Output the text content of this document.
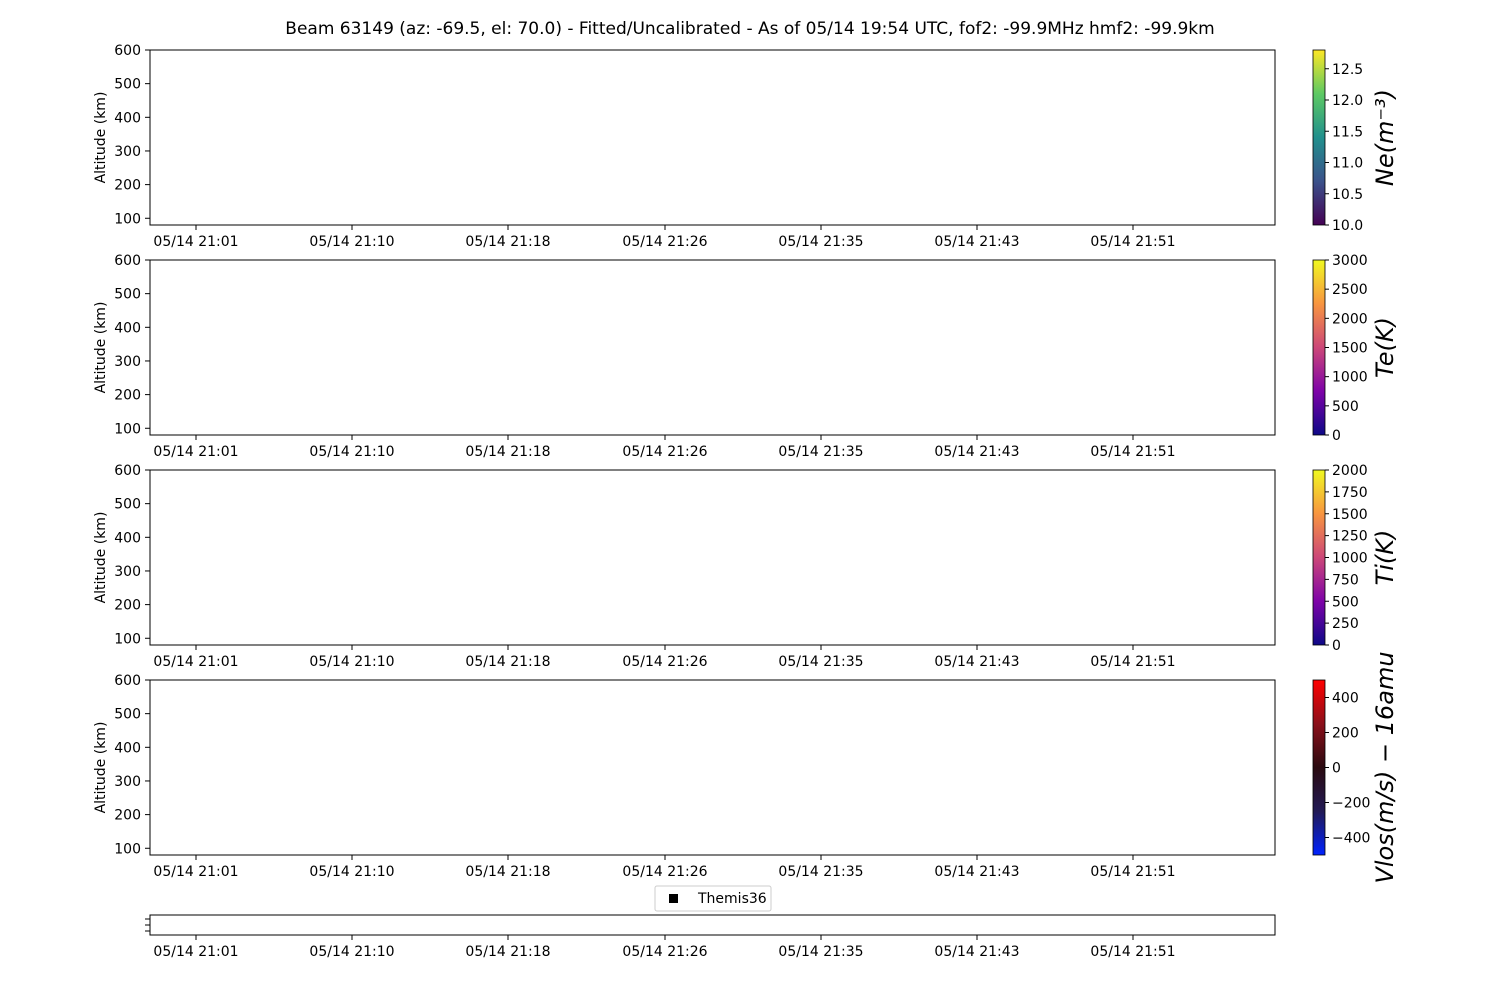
Beam 63149 (az: -69.5, el: 70.0) - Fitted/Uncalibrated - As of 05/14 19:54 UTC, fof2: -99.9MHz hmf2: -99.9km
100
200
300
400
500
600
Altitude (km)
05/14 21:01	05/14 21:10	05/14 21:18	05/14 21:26	05/14 21:35	05/14 21:43	05/14 21:51
10.0
10.5
11.0
11.5
12.0
12.5
Ne(m⁻³)
100
200
300
400
500
600
Altitude (km)
05/14 21:01	05/14 21:10	05/14 21:18	05/14 21:26	05/14 21:35	05/14 21:43	05/14 21:51
0
500
1000
1500
2000
2500
3000
Te(K)
100
200
300
400
500
600
Altitude (km)
05/14 21:01	05/14 21:10	05/14 21:18	05/14 21:26	05/14 21:35	05/14 21:43	05/14 21:51
0
250
500
750
1000
1250
1500
1750
2000
Ti(K)
100
200
300
400
500
600
Altitude (km)
05/14 21:01	05/14 21:10	05/14 21:18	05/14 21:26	05/14 21:35	05/14 21:43	05/14 21:51
−400
−200
0
200
400 Vlos(m/s) − 16amu
Themis36
05/14 21:01	05/14 21:10	05/14 21:18	05/14 21:26	05/14 21:35	05/14 21:43	05/14 21:51
